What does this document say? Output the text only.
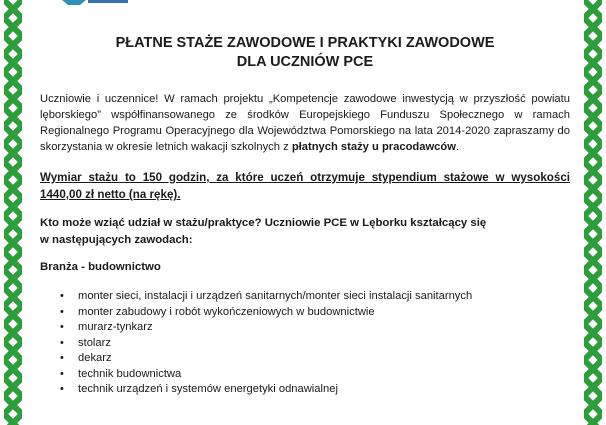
PŁATNE STAŻE ZAWODOWE I PRAKTYKI ZAWODOWE
DLA UCZNIÓW PCE

Uczniowie i uczennice! W ramach projektu „Kompetencje zawodowe inwestycją w przyszłość powiatu lęborskiego” współfinansowanego ze środków Europejskiego Funduszu Społecznego w ramach Regionalnego Programu Operacyjnego dla Województwa Pomorskiego na lata 2014-2020 zapraszamy do skorzystania w okresie letnich wakacji szkolnych z płatnych staży u pracodawców.

Wymiar stażu to 150 godzin, za które uczeń otrzymuje stypendium stażowe w wysokości 1440,00 zł netto (na rękę).

Kto może wziąć udział w stażu/praktyce? Uczniowie PCE w Lęborku kształcący się
w następujących zawodach:

Branża - budownictwo
• monter sieci, instalacji i urządzeń sanitarnych/monter sieci instalacji sanitarnych
• monter zabudowy i robót wykończeniowych w budownictwie
• murarz-tynkarz
• stolarz
• dekarz
• technik budownictwa
• technik urządzeń i systemów energetyki odnawialnej
